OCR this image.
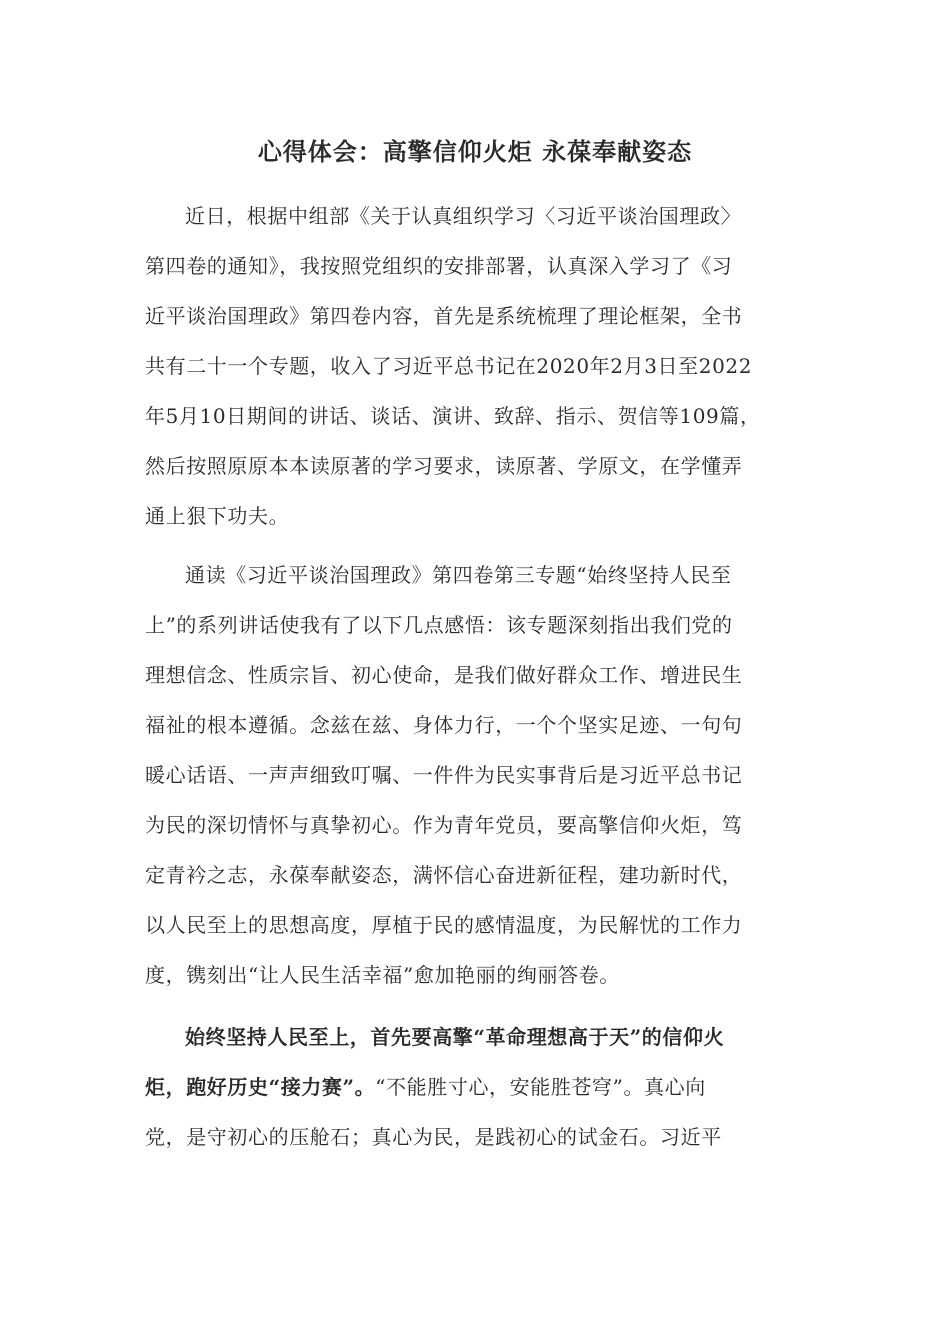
心得体会：高擎信仰火炬 永葆奉献姿态
近日，根据中组部《关于认真组织学习〈习近平谈治国理政〉
第四卷的通知》，我按照党组织的安排部署，认真深入学习了《习
近平谈治国理政》第四卷内容，首先是系统梳理了理论框架，全书
共有二十一个专题，收入了习近平总书记在2020年2月3日至2022
年5月10日期间的讲话、谈话、演讲、致辞、指示、贺信等109篇，
然后按照原原本本读原著的学习要求，读原著、学原文，在学懂弄
通上狠下功夫。
通读《习近平谈治国理政》第四卷第三专题“始终坚持人民至
上”的系列讲话使我有了以下几点感悟：该专题深刻指出我们党的
理想信念、性质宗旨、初心使命，是我们做好群众工作、增进民生
福祉的根本遵循。念兹在兹、身体力行，一个个坚实足迹、一句句
暖心话语、一声声细致叮嘱、一件件为民实事背后是习近平总书记
为民的深切情怀与真挚初心。作为青年党员，要高擎信仰火炬，笃
定青衿之志，永葆奉献姿态，满怀信心奋进新征程，建功新时代，
以人民至上的思想高度，厚植于民的感情温度，为民解忧的工作力
度，镌刻出“让人民生活幸福”愈加艳丽的绚丽答卷。
始终坚持人民至上，首先要高擎“革命理想高于天”的信仰火
炬，跑好历史“接力赛”。“不能胜寸心，安能胜苍穹”。真心向
党，是守初心的压舱石；真心为民，是践初心的试金石。习近平
